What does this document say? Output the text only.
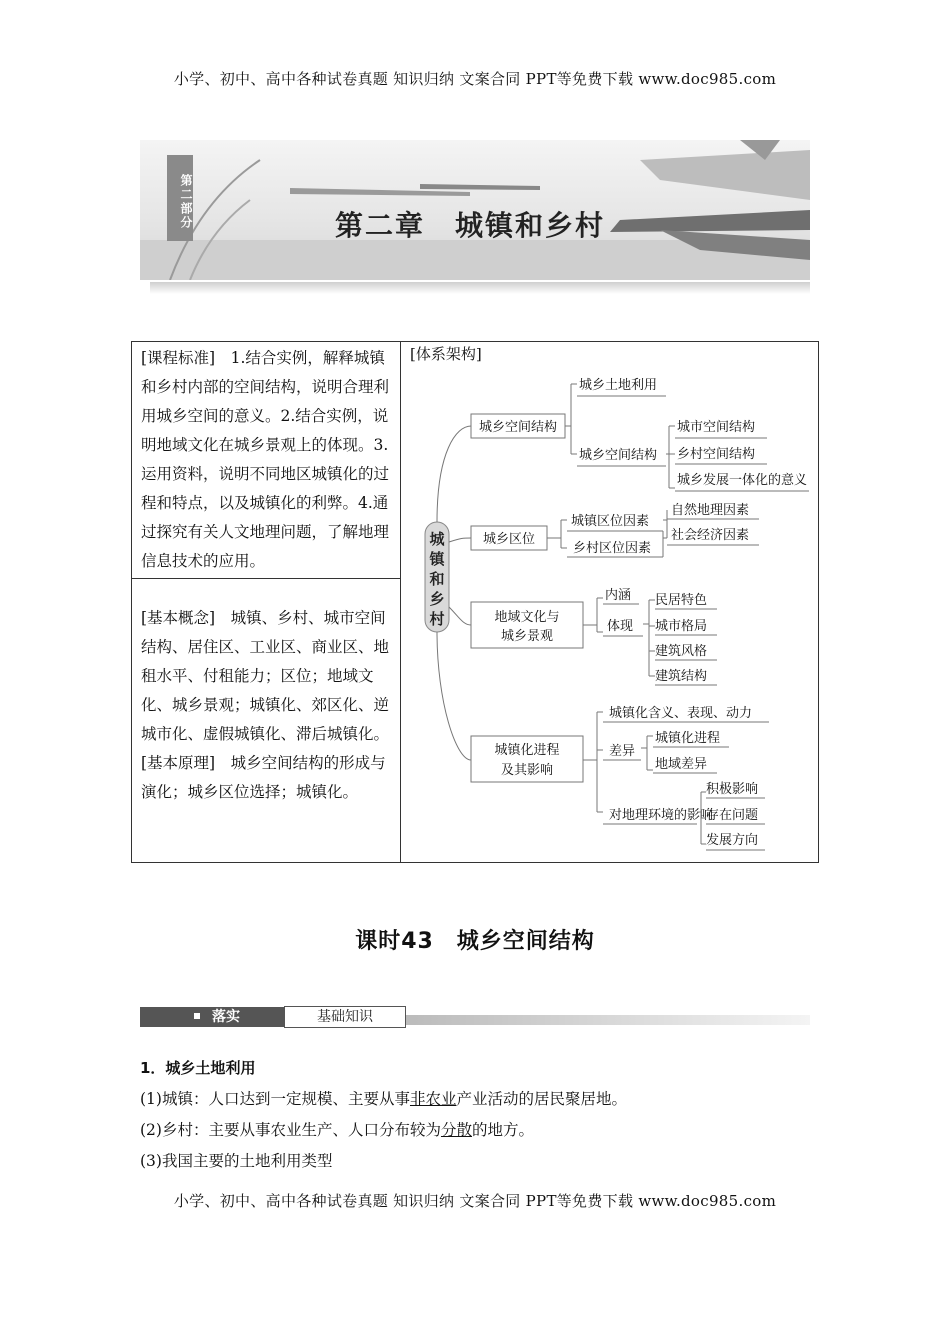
小学、初中、高中各种试卷真题 知识归纳 文案合同 PPT等免费下载 www.doc985.com
第二部分	第二章　城镇和乡村
[课程标准]　1.结合实例，解释城镇和乡村内部的空间结构，说明合理利用城乡空间的意义。2.结合实例，说明地域文化在城乡景观上的体现。3.运用资料，说明不同地区城镇化的过程和特点，以及城镇化的利弊。4.通过探究有关人文地理问题，了解地理信息技术的应用。
[基本概念]　城镇、乡村、城市空间结构、居住区、工业区、商业区、地租水平、付租能力；区位；地域文化、城乡景观；城镇化、郊区化、逆城市化、虚假城镇化、滞后城镇化。
[基本原理]　城乡空间结构的形成与演化；城乡区位选择；城镇化。
[体系架构]
城
镇
和
乡
村
城乡空间结构
城乡土地利用
城乡空间结构
城市空间结构
乡村空间结构
城乡发展一体化的意义
城乡区位
城镇区位因素
乡村区位因素
自然地理因素
社会经济因素
地域文化与
城乡景观
内涵
体现
民居特色
城市格局
建筑风格
建筑结构
城镇化进程
及其影响
城镇化含义、表现、动力
差异
城镇化进程
地域差异
对地理环境的影响
积极影响
存在问题
发展方向
课时43　城乡空间结构
落实	基础知识
1．城乡土地利用
(1)城镇：人口达到一定规模、主要从事非农业产业活动的居民聚居地。
(2)乡村：主要从事农业生产、人口分布较为分散的地方。
(3)我国主要的土地利用类型
小学、初中、高中各种试卷真题 知识归纳 文案合同 PPT等免费下载 www.doc985.com
